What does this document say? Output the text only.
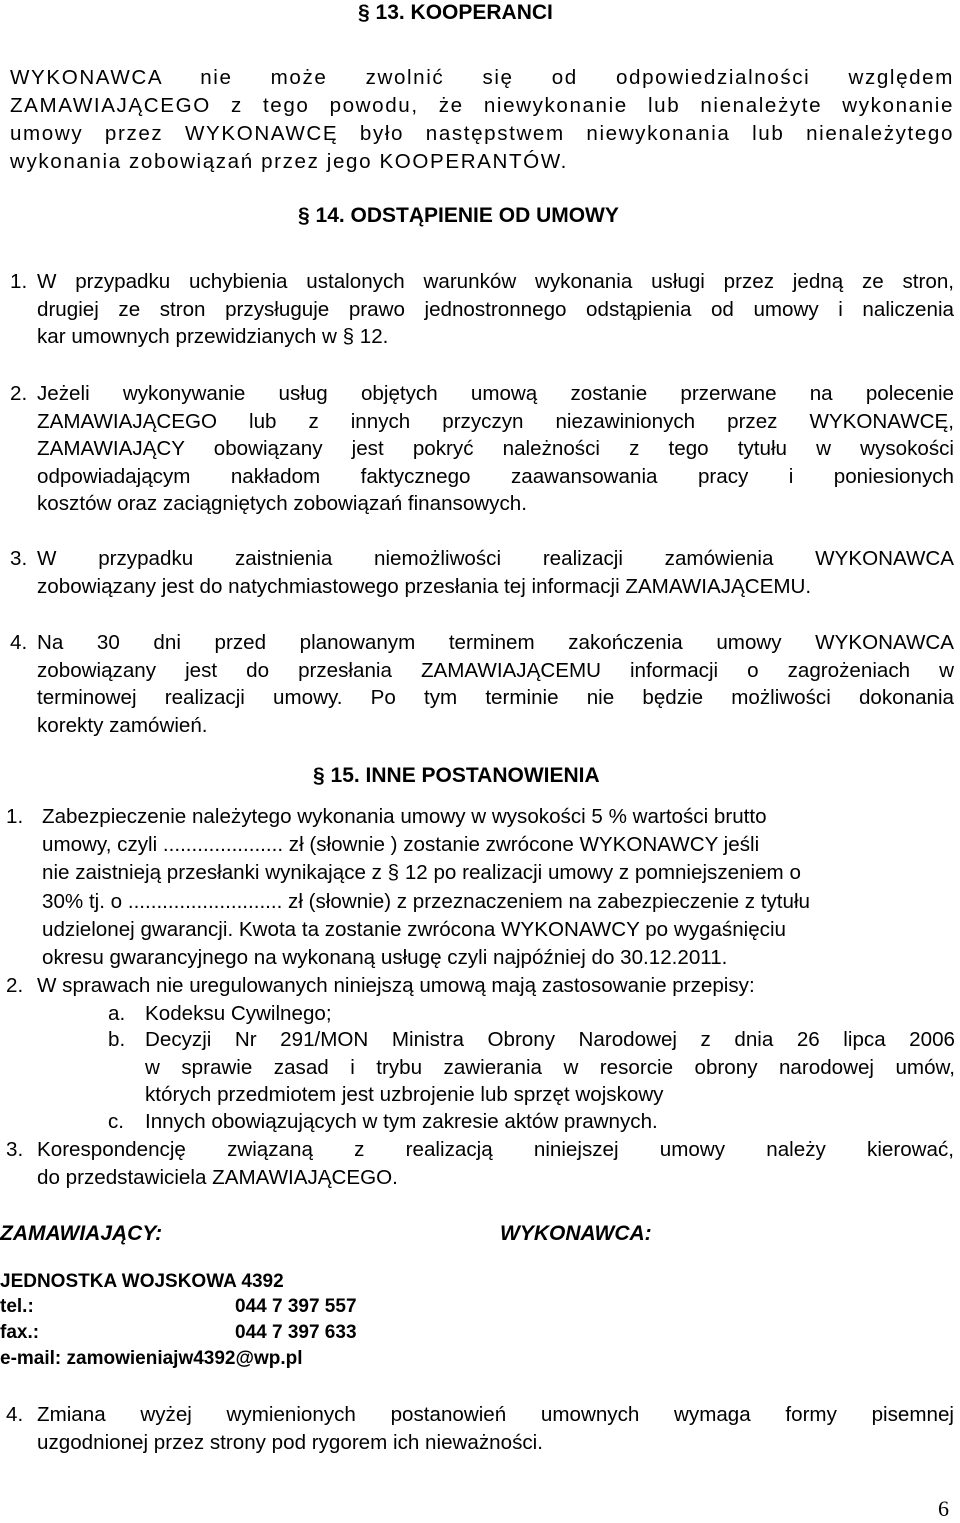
§ 13. KOOPERANCI
WYKONAWCA nie może zwolnić się od odpowiedzialności względem
ZAMAWIAJĄCEGO z tego powodu, że niewykonanie lub nienależyte wykonanie
umowy przez WYKONAWCĘ było następstwem niewykonania lub nienależytego
wykonania zobowiązań przez jego KOOPERANTÓW.
§ 14. ODSTĄPIENIE OD UMOWY
1. W przypadku uchybienia ustalonych warunków wykonania usługi przez jedną ze stron,
drugiej ze stron przysługuje prawo jednostronnego odstąpienia od umowy i naliczenia
kar umownych przewidzianych w § 12.
2. Jeżeli wykonywanie usług objętych umową zostanie przerwane na polecenie
ZAMAWIAJĄCEGO lub z innych przyczyn niezawinionych przez WYKONAWCĘ,
ZAMAWIAJĄCY obowiązany jest pokryć należności z tego tytułu w wysokości
odpowiadającym nakładom faktycznego zaawansowania pracy i poniesionych
kosztów oraz zaciągniętych zobowiązań finansowych.
3. W przypadku zaistnienia niemożliwości realizacji zamówienia WYKONAWCA
zobowiązany jest do natychmiastowego przesłania tej informacji ZAMAWIAJĄCEMU.
4. Na 30 dni przed planowanym terminem zakończenia umowy WYKONAWCA
zobowiązany jest do przesłania ZAMAWIAJĄCEMU informacji o zagrożeniach w
terminowej realizacji umowy. Po tym terminie nie będzie możliwości dokonania
korekty zamówień.
§ 15. INNE POSTANOWIENIA
1. Zabezpieczenie należytego wykonania umowy w wysokości 5 % wartości brutto
umowy, czyli ..................... zł (słownie ) zostanie zwrócone WYKONAWCY jeśli
nie zaistnieją przesłanki wynikające z § 12 po realizacji umowy z pomniejszeniem o
30% tj. o ........................... zł (słownie) z przeznaczeniem na zabezpieczenie z tytułu
udzielonej gwarancji. Kwota ta zostanie zwrócona WYKONAWCY po wygaśnięciu
okresu gwarancyjnego na wykonaną usługę czyli najpóźniej do 30.12.2011.
2. W sprawach nie uregulowanych niniejszą umową mają zastosowanie przepisy:
a. Kodeksu Cywilnego;
b. Decyzji Nr 291/MON Ministra Obrony Narodowej z dnia 26 lipca 2006
w sprawie zasad i trybu zawierania w resorcie obrony narodowej umów,
których przedmiotem jest uzbrojenie lub sprzęt wojskowy
c. Innych obowiązujących w tym zakresie aktów prawnych.
3. Korespondencję związaną z realizacją niniejszej umowy należy kierować,
do przedstawiciela ZAMAWIAJĄCEGO.
ZAMAWIAJĄCY:	WYKONAWCA:
JEDNOSTKA WOJSKOWA 4392
tel.:	044 7 397 557
fax.:	044 7 397 633
e-mail: zamowieniajw4392@wp.pl
4. Zmiana wyżej wymienionych postanowień umownych wymaga formy pisemnej
uzgodnionej przez strony pod rygorem ich nieważności.
6
